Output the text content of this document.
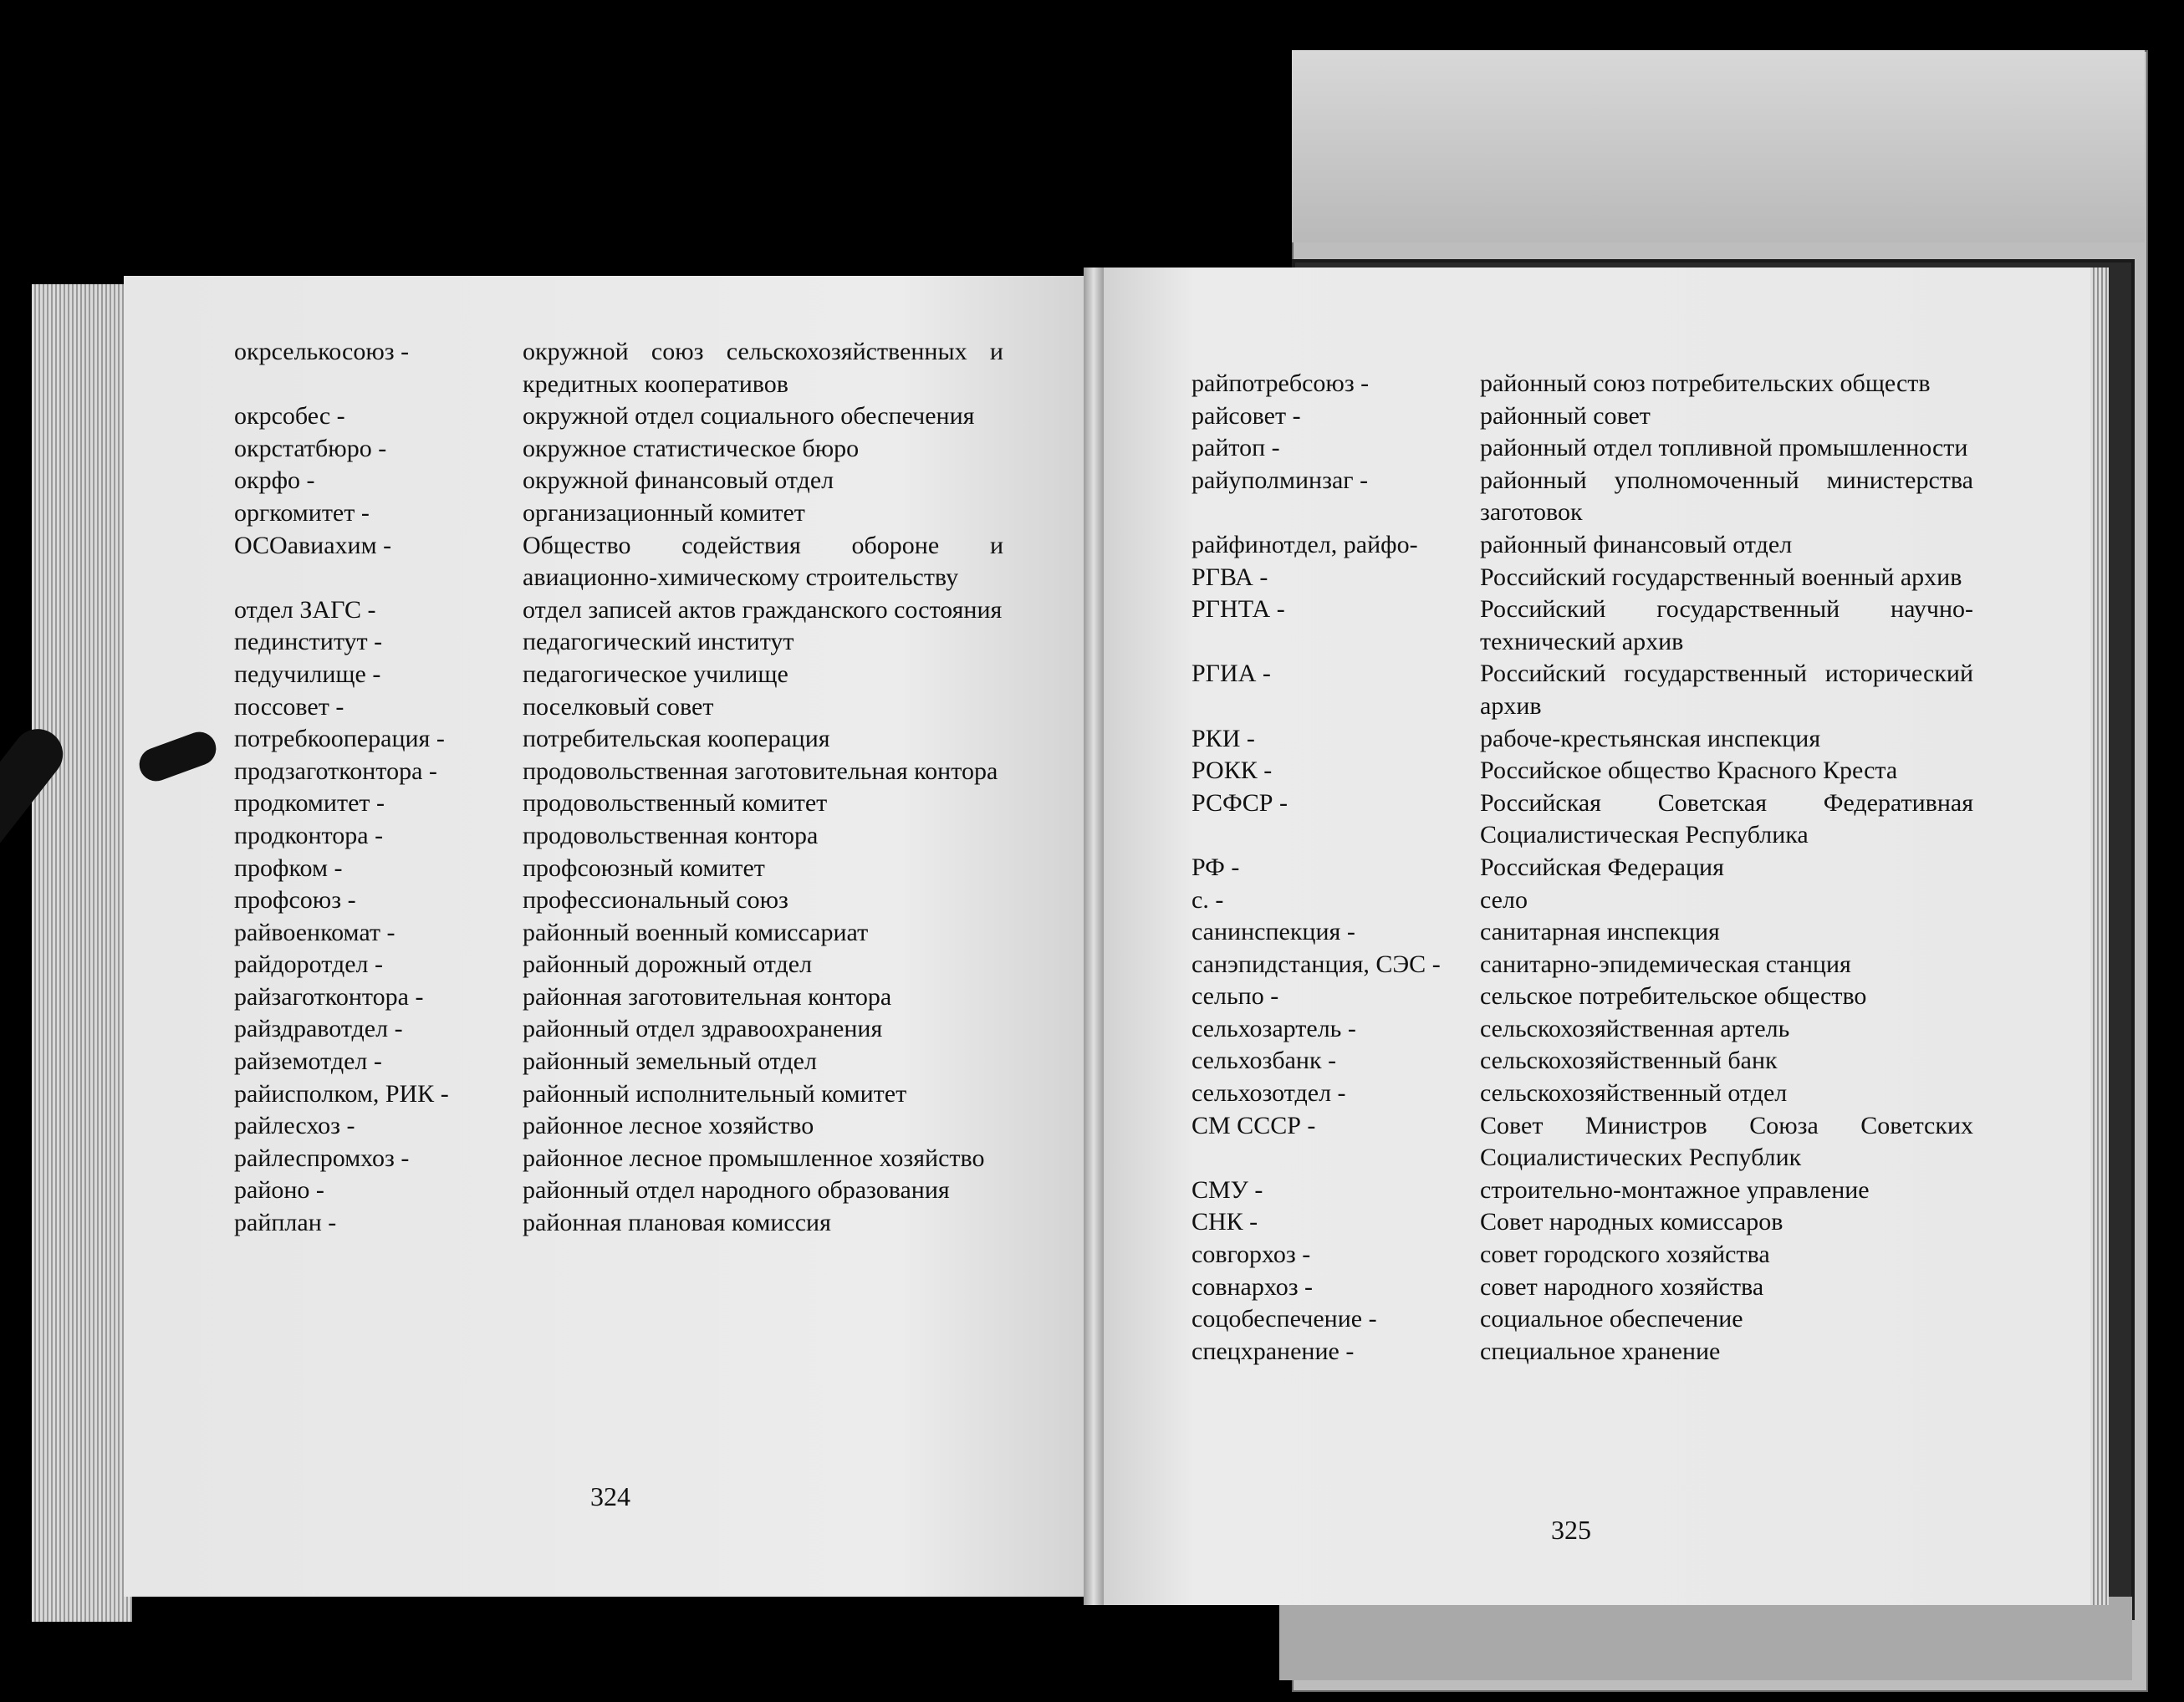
окрселькосоюз -	окружной союз сельскохозяйственных и кредитных кооперативов
окрсобес -	окружной отдел социального обеспечения
окрстатбюро -	окружное статистическое бюро
окрфо -	окружной финансовый отдел
оргкомитет -	организационный комитет
ОСОавиахим -	Общество содействия обороне и авиационно-химическому строительству
отдел ЗАГС -	отдел записей актов гражданского состояния
пединститут -	педагогический институт
педучилище -	педагогическое училище
поссовет -	поселковый совет
потребкооперация -	потребительская кооперация
продзаготконтора -	продовольственная заготовительная контора
продкомитет -	продовольственный комитет
продконтора -	продовольственная контора
профком -	профсоюзный комитет
профсоюз -	профессиональный союз
райвоенкомат -	районный военный комиссариат
райдоротдел -	районный дорожный отдел
райзаготконтора -	районная заготовительная контора
райздравотдел -	районный отдел здравоохранения
райземотдел -	районный земельный отдел
райисполком, РИК -	районный исполнительный комитет
райлесхоз -	районное лесное хозяйство
райлеспромхоз -	районное лесное промышленное хозяйство
районо -	районный отдел народного образования
райплан -	районная плановая комиссия
райпотребсоюз -	районный союз потребительских обществ
райсовет -	районный совет
райтоп -	районный отдел топливной промышленности
райуполминзаг -	районный уполномоченный министерства заготовок
райфинотдел, райфо-	районный финансовый отдел
РГВА -	Российский государственный военный архив
РГНТА -	Российский государственный научно-технический архив
РГИА -	Российский государственный исторический архив
РКИ -	рабоче-крестьянская инспекция
РОКК -	Российское общество Красного Креста
РСФСР -	Российская Советская Федеративная Социалистическая Республика
РФ -	Российская Федерация
с. -	село
санинспекция -	санитарная инспекция
санэпидстанция, СЭС -	санитарно-эпидемическая станция
сельпо -	сельское потребительское общество
сельхозартель -	сельскохозяйственная артель
сельхозбанк -	сельскохозяйственный банк
сельхозотдел -	сельскохозяйственный отдел
СМ СССР -	Совет Министров Союза Советских Социалистических Республик
СМУ -	строительно-монтажное управление
СНК -	Совет народных комиссаров
совгорхоз -	совет городского хозяйства
совнархоз -	совет народного хозяйства
соцобеспечение -	социальное обеспечение
спецхранение -	специальное хранение
324
325
